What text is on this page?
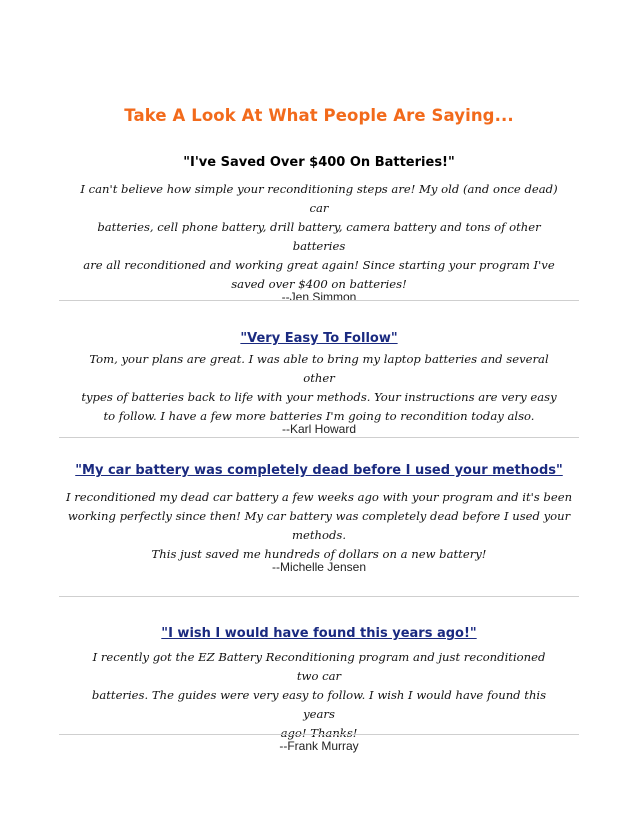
Take A Look At What People Are Saying...
"I've Saved Over $400 On Batteries!"
I can't believe how simple your reconditioning steps are! My old (and once dead) car
batteries, cell phone battery, drill battery, camera battery and tons of other batteries
are all reconditioned and working great again! Since starting your program I've
saved over $400 on batteries!
--Jen Simmon
"Very Easy To Follow"
Tom, your plans are great. I was able to bring my laptop batteries and several other
types of batteries back to life with your methods. Your instructions are very easy
to follow. I have a few more batteries I'm going to recondition today also.
--Karl Howard
"My car battery was completely dead before I used your methods"
I reconditioned my dead car battery a few weeks ago with your program and it's been
working perfectly since then! My car battery was completely dead before I used your
methods.
This just saved me hundreds of dollars on a new battery!
--Michelle Jensen
"I wish I would have found this years ago!"
I recently got the EZ Battery Reconditioning program and just reconditioned two car
batteries. The guides were very easy to follow. I wish I would have found this years
ago! Thanks!
--Frank Murray
